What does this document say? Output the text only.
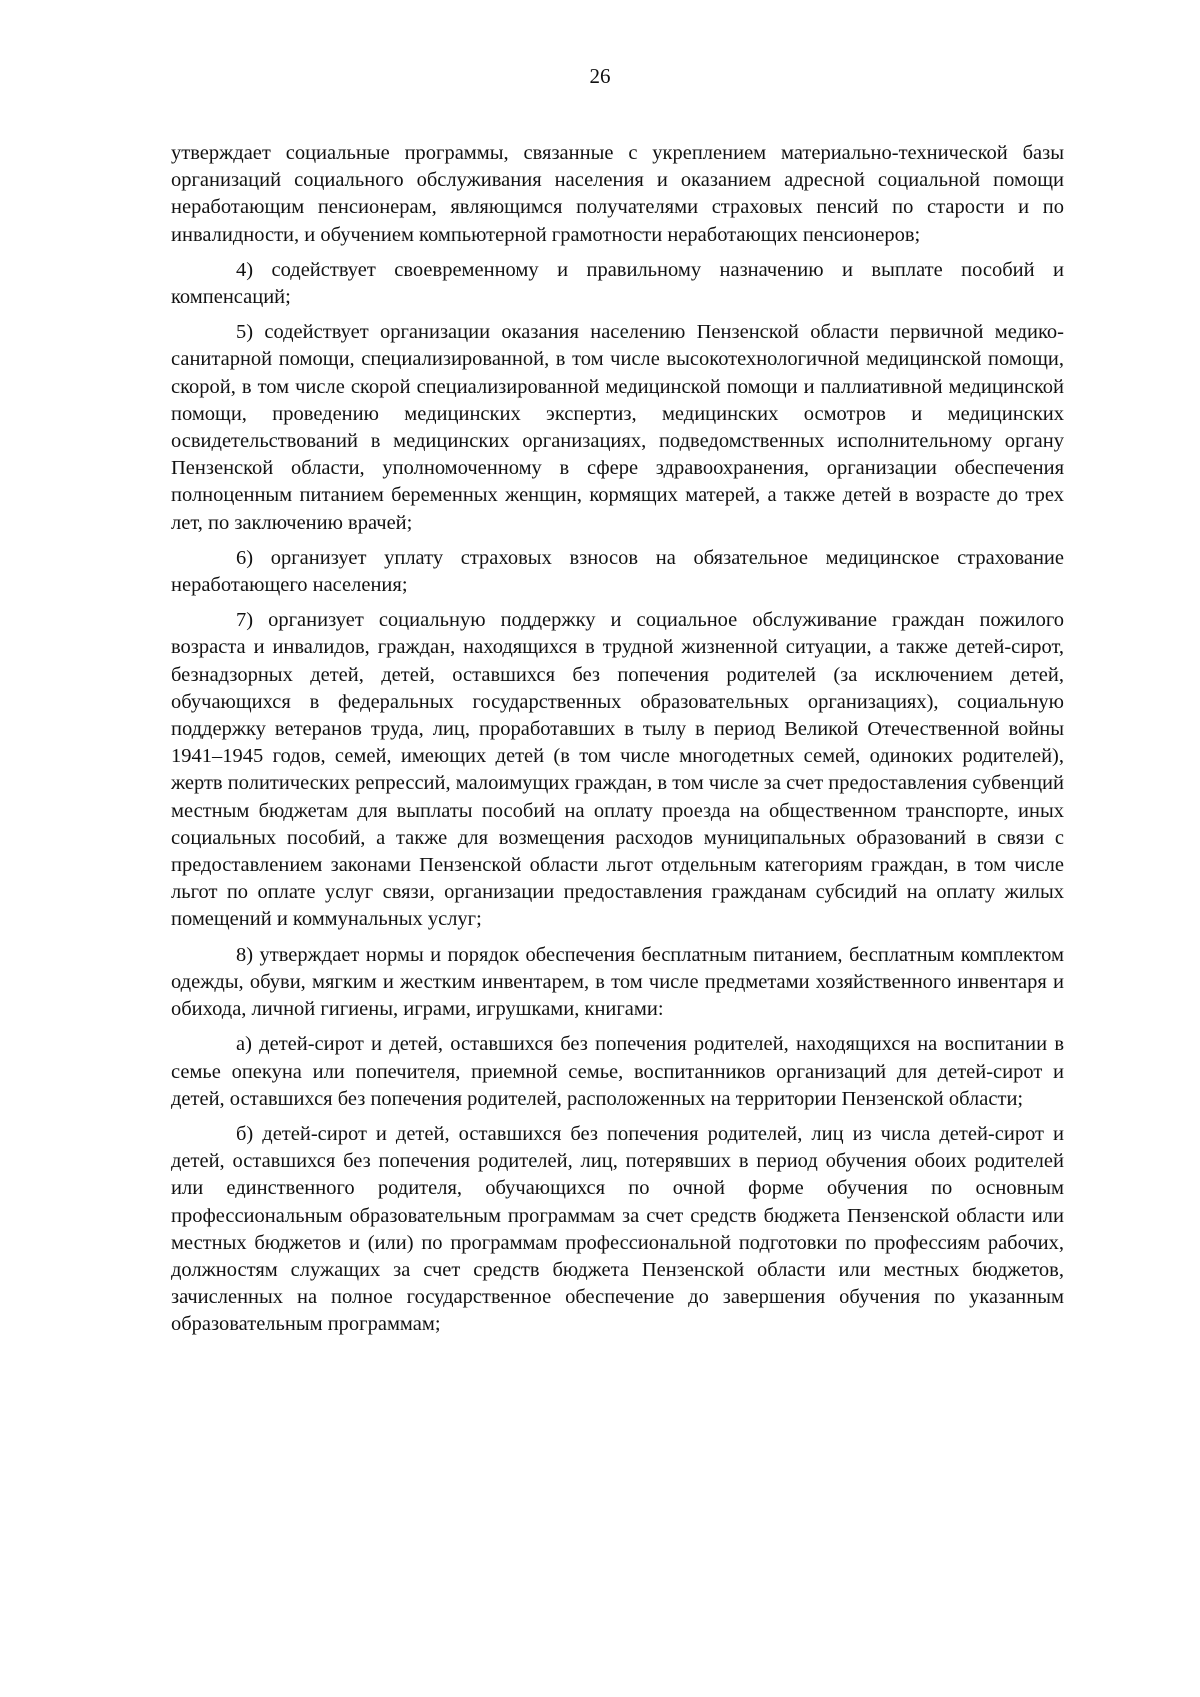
26

утверждает социальные программы, связанные с укреплением материально-технической базы организаций социального обслуживания населения и оказанием адресной социальной помощи неработающим пенсионерам, являющимся получателями страховых пенсий по старости и по инвалидности, и обучением компьютерной грамотности неработающих пенсионеров;

4) содействует своевременному и правильному назначению и выплате пособий и компенсаций;

5) содействует организации оказания населению Пензенской области первичной медико-санитарной помощи, специализированной, в том числе высокотехнологичной медицинской помощи, скорой, в том числе скорой специализированной медицинской помощи и паллиативной медицинской помощи, проведению медицинских экспертиз, медицинских осмотров и медицинских освидетельствований в медицинских организациях, подведомственных исполнительному органу Пензенской области, уполномоченному в сфере здравоохранения, организации обеспечения полноценным питанием беременных женщин, кормящих матерей, а также детей в возрасте до трех лет, по заключению врачей;

6) организует уплату страховых взносов на обязательное медицинское страхование неработающего населения;

7) организует социальную поддержку и социальное обслуживание граждан пожилого возраста и инвалидов, граждан, находящихся в трудной жизненной ситуации, а также детей-сирот, безнадзорных детей, детей, оставшихся без попечения родителей (за исключением детей, обучающихся в федеральных государственных образовательных организациях), социальную поддержку ветеранов труда, лиц, проработавших в тылу в период Великой Отечественной войны 1941–1945 годов, семей, имеющих детей (в том числе многодетных семей, одиноких родителей), жертв политических репрессий, малоимущих граждан, в том числе за счет предоставления субвенций местным бюджетам для выплаты пособий на оплату проезда на общественном транспорте, иных социальных пособий, а также для возмещения расходов муниципальных образований в связи с предоставлением законами Пензенской области льгот отдельным категориям граждан, в том числе льгот по оплате услуг связи, организации предоставления гражданам субсидий на оплату жилых помещений и коммунальных услуг;

8) утверждает нормы и порядок обеспечения бесплатным питанием, бесплатным комплектом одежды, обуви, мягким и жестким инвентарем, в том числе предметами хозяйственного инвентаря и обихода, личной гигиены, играми, игрушками, книгами:

а) детей-сирот и детей, оставшихся без попечения родителей, находящихся на воспитании в семье опекуна или попечителя, приемной семье, воспитанников организаций для детей-сирот и детей, оставшихся без попечения родителей, расположенных на территории Пензенской области;

б) детей-сирот и детей, оставшихся без попечения родителей, лиц из числа детей-сирот и детей, оставшихся без попечения родителей, лиц, потерявших в период обучения обоих родителей или единственного родителя, обучающихся по очной форме обучения по основным профессиональным образовательным программам за счет средств бюджета Пензенской области или местных бюджетов и (или) по программам профессиональной подготовки по профессиям рабочих, должностям служащих за счет средств бюджета Пензенской области или местных бюджетов, зачисленных на полное государственное обеспечение до завершения обучения по указанным образовательным программам;
